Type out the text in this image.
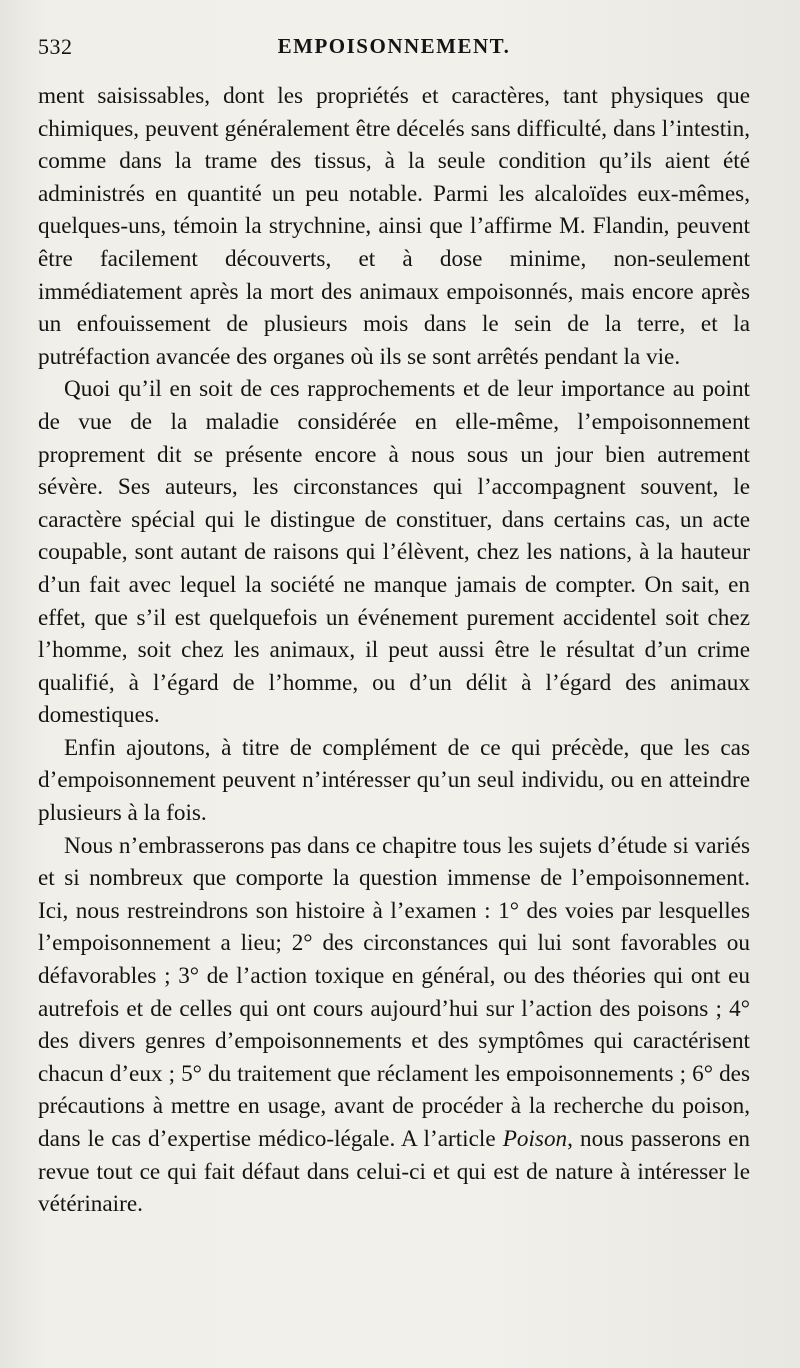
532	EMPOISONNEMENT.

ment saisissables, dont les propriétés et caractères, tant physiques que chimiques, peuvent généralement être décelés sans difficulté, dans l’intestin, comme dans la trame des tissus, à la seule condition qu’ils aient été administrés en quantité un peu notable. Parmi les alcaloïdes eux-mêmes, quelques-uns, témoin la strychnine, ainsi que l’affirme M. Flandin, peuvent être facilement découverts, et à dose minime, non-seulement immédiatement après la mort des animaux empoisonnés, mais encore après un enfouissement de plusieurs mois dans le sein de la terre, et la putréfaction avancée des organes où ils se sont arrêtés pendant la vie.

Quoi qu’il en soit de ces rapprochements et de leur importance au point de vue de la maladie considérée en elle-même, l’empoisonnement proprement dit se présente encore à nous sous un jour bien autrement sévère. Ses auteurs, les circonstances qui l’accompagnent souvent, le caractère spécial qui le distingue de constituer, dans certains cas, un acte coupable, sont autant de raisons qui l’élèvent, chez les nations, à la hauteur d’un fait avec lequel la société ne manque jamais de compter. On sait, en effet, que s’il est quelquefois un événement purement accidentel soit chez l’homme, soit chez les animaux, il peut aussi être le résultat d’un crime qualifié, à l’égard de l’homme, ou d’un délit à l’égard des animaux domestiques.

Enfin ajoutons, à titre de complément de ce qui précède, que les cas d’empoisonnement peuvent n’intéresser qu’un seul individu, ou en atteindre plusieurs à la fois.

Nous n’embrasserons pas dans ce chapitre tous les sujets d’étude si variés et si nombreux que comporte la question immense de l’empoisonnement. Ici, nous restreindrons son histoire à l’examen : 1° des voies par lesquelles l’empoisonnement a lieu; 2° des circonstances qui lui sont favorables ou défavorables ; 3° de l’action toxique en général, ou des théories qui ont eu autrefois et de celles qui ont cours aujourd’hui sur l’action des poisons ; 4° des divers genres d’empoisonnements et des symptômes qui caractérisent chacun d’eux ; 5° du traitement que réclament les empoisonnements ; 6° des précautions à mettre en usage, avant de procéder à la recherche du poison, dans le cas d’expertise médico-légale. A l’article Poison, nous passerons en revue tout ce qui fait défaut dans celui-ci et qui est de nature à intéresser le vétérinaire.
